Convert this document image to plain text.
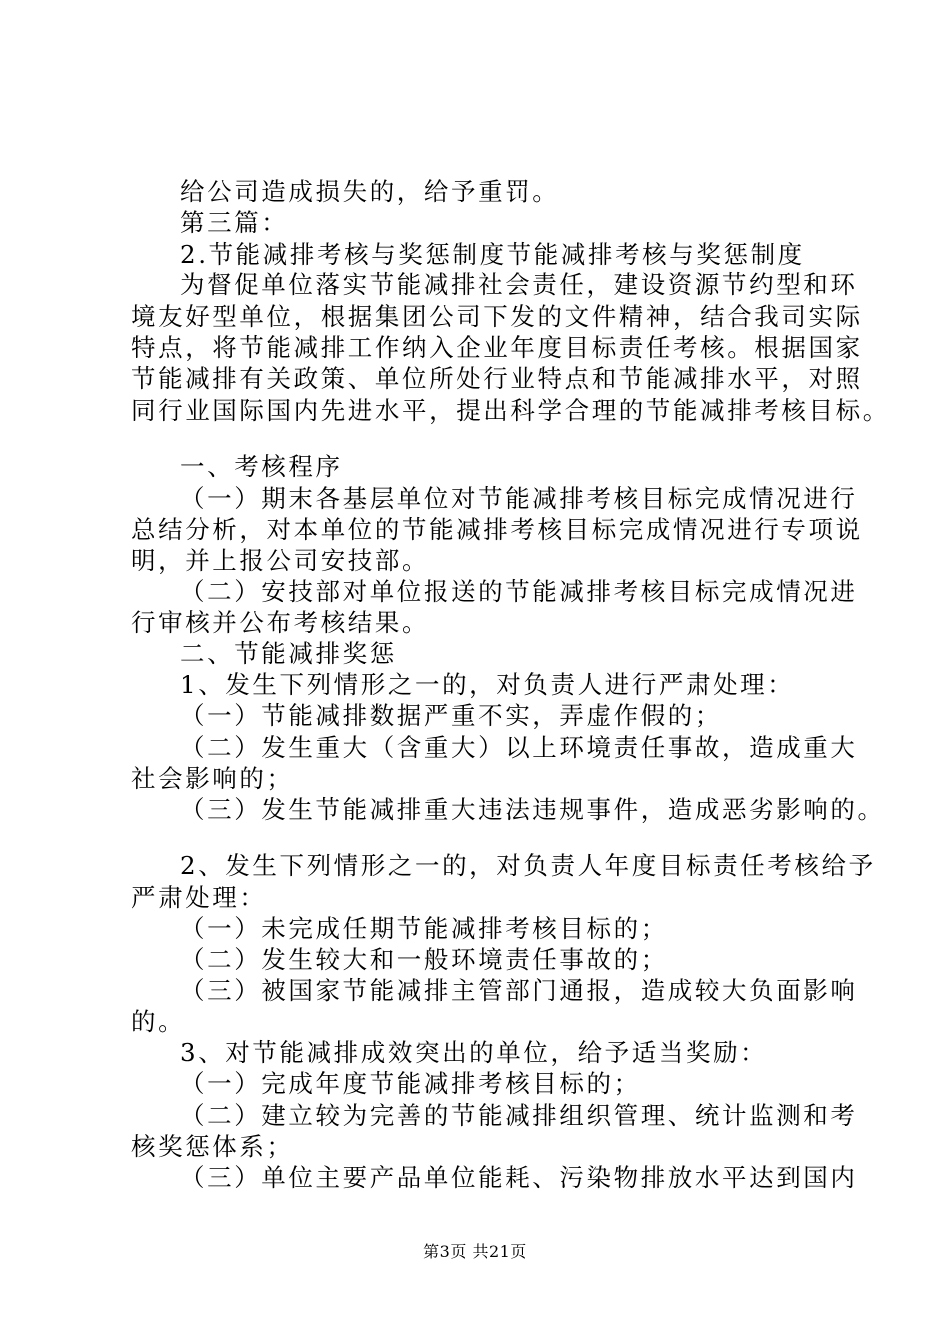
给公司造成损失的，给予重罚。
第三篇：
2.节能减排考核与奖惩制度节能减排考核与奖惩制度
为督促单位落实节能减排社会责任，建设资源节约型和环
境友好型单位，根据集团公司下发的文件精神，结合我司实际
特点，将节能减排工作纳入企业年度目标责任考核。根据国家
节能减排有关政策、单位所处行业特点和节能减排水平，对照
同行业国际国内先进水平，提出科学合理的节能减排考核目标。
一、考核程序
（一）期末各基层单位对节能减排考核目标完成情况进行
总结分析，对本单位的节能减排考核目标完成情况进行专项说
明，并上报公司安技部。
（二）安技部对单位报送的节能减排考核目标完成情况进
行审核并公布考核结果。
二、节能减排奖惩
1、发生下列情形之一的，对负责人进行严肃处理：
（一）节能减排数据严重不实，弄虚作假的；
（二）发生重大（含重大）以上环境责任事故，造成重大
社会影响的；
（三）发生节能减排重大违法违规事件，造成恶劣影响的。
2、发生下列情形之一的，对负责人年度目标责任考核给予
严肃处理：
（一）未完成任期节能减排考核目标的；
（二）发生较大和一般环境责任事故的；
（三）被国家节能减排主管部门通报，造成较大负面影响
的。
3、对节能减排成效突出的单位，给予适当奖励：
（一）完成年度节能减排考核目标的；
（二）建立较为完善的节能减排组织管理、统计监测和考
核奖惩体系；
（三）单位主要产品单位能耗、污染物排放水平达到国内
第3页 共21页
